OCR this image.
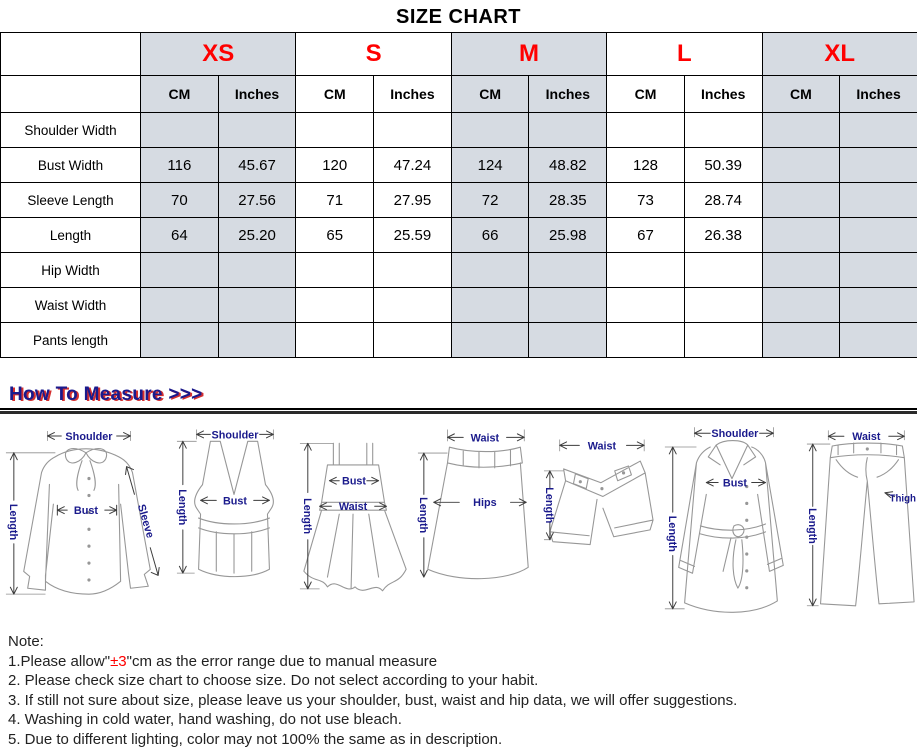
SIZE CHART
	XS		S		M		L		XL	
	CM	Inches	CM	Inches	CM	Inches	CM	Inches	CM	Inches
Shoulder Width										
Bust Width	116	45.67	120	47.24	124	48.82	128	50.39		
Sleeve Length	70	27.56	71	27.95	72	28.35	73	28.74		
Length	64	25.20	65	25.59	66	25.98	67	26.38		
Hip Width										
Waist Width										
Pants length										
How To Measure >>>
Shoulder
Bust	Sleeve
Length
Shoulder
Bust
Length
Bust
Waist
Length
Waist
Hips
Length
Waist
Length
Shoulder
Bust
Length
Waist
Thigh
Length
Note:
1.Please allow"±3"cm as the error range due to manual measure
2. Please check size chart to choose size. Do not select according to your habit.
3. If still not sure about size, please leave us your shoulder, bust, waist and hip data, we will offer suggestions.
4. Washing in cold water, hand washing, do not use bleach.
5. Due to different lighting, color may not 100% the same as in description.
